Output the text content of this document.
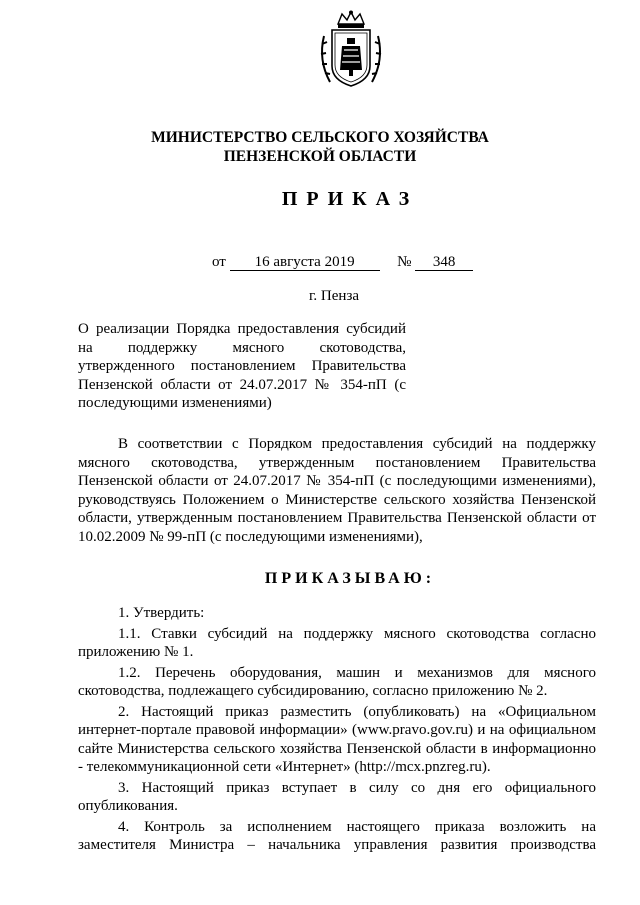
МИНИСТЕРСТВО СЕЛЬСКОГО ХОЗЯЙСТВА
ПЕНЗЕНСКОЙ ОБЛАСТИ
ПРИКАЗ
от 16 августа 2019	№ 348
г. Пенза
О реализации Порядка предоставления субсидий на поддержку мясного скотоводства, утвержденного постановлением Правительства Пензенской области от 24.07.2017 № 354-пП (с последующими изменениями)

В соответствии с Порядком предоставления субсидий на поддержку мясного скотоводства, утвержденным постановлением Правительства Пензенской области от 24.07.2017 № 354-пП (с последующими изменениями), руководствуясь Положением о Министерстве сельского хозяйства Пензенской области, утвержденным постановлением Правительства Пензенской области от 10.02.2009 № 99-пП (с последующими изменениями),

ПРИКАЗЫВАЮ:

1. Утвердить:

1.1. Ставки субсидий на поддержку мясного скотоводства согласно приложению № 1.

1.2. Перечень оборудования, машин и механизмов для мясного скотоводства, подлежащего субсидированию, согласно приложению № 2.

2. Настоящий приказ разместить (опубликовать) на «Официальном интернет-портале правовой информации» (www.pravo.gov.ru) и на официальном сайте Министерства сельского хозяйства Пензенской области в информационно - телекоммуникационной сети «Интернет» (http://mcx.pnzreg.ru).

3. Настоящий приказ вступает в силу со дня его официального опубликования.

4. Контроль за исполнением настоящего приказа возложить на заместителя Министра – начальника управления развития производства
